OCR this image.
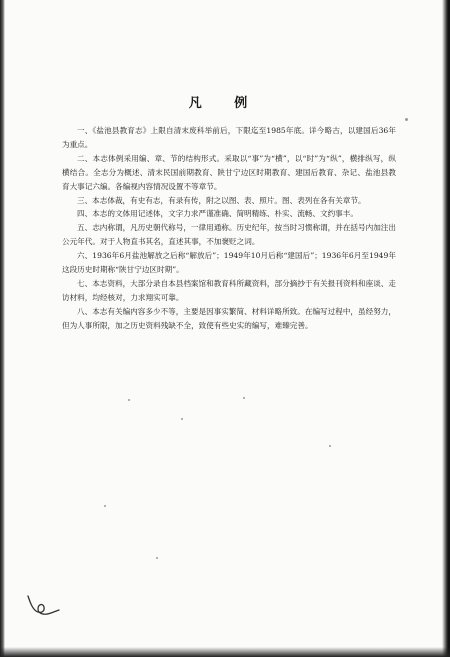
凡 例

一、《盐池县教育志》上限自清末废科举前后，下限迄至1985年底。详今略古，以建国后36年为重点。

二、本志体例采用编、章、节的结构形式。采取以“事”为“横”，以“时”为“纵”，横排纵写，纵横结合。全志分为概述、清末民国前期教育、陕甘宁边区时期教育、建国后教育、杂记、盐池县教育大事记六编。各编视内容情况设置不等章节。

三、本志体裁，有史有志，有录有传，附之以图、表、照片。图、表列在各有关章节。

四、本志的文体用记述体，文字力求严谨准确、简明精练、朴实、流畅、文约事丰。

五、志内称谓，凡历史朝代称号，一律用通称。历史纪年，按当时习惯称谓，并在括号内加注出公元年代。对于人物直书其名，直述其事，不加褒贬之词。

六、1936年6月盐池解放之后称“解放后”；1949年10月后称“建国后”；1936年6月至1949年这段历史时期称“陕甘宁边区时期”。

七、本志资料，大部分录自本县档案馆和教育科所藏资料，部分摘抄于有关报刊资料和座谈、走访材料，均经核对，力求翔实可靠。

八、本志有关编内容多少不等，主要是因事实繁简、材料详略所致。在编写过程中，虽经努力，但为人事所限，加之历史资料残缺不全，致使有些史实的编写，难臻完善。
